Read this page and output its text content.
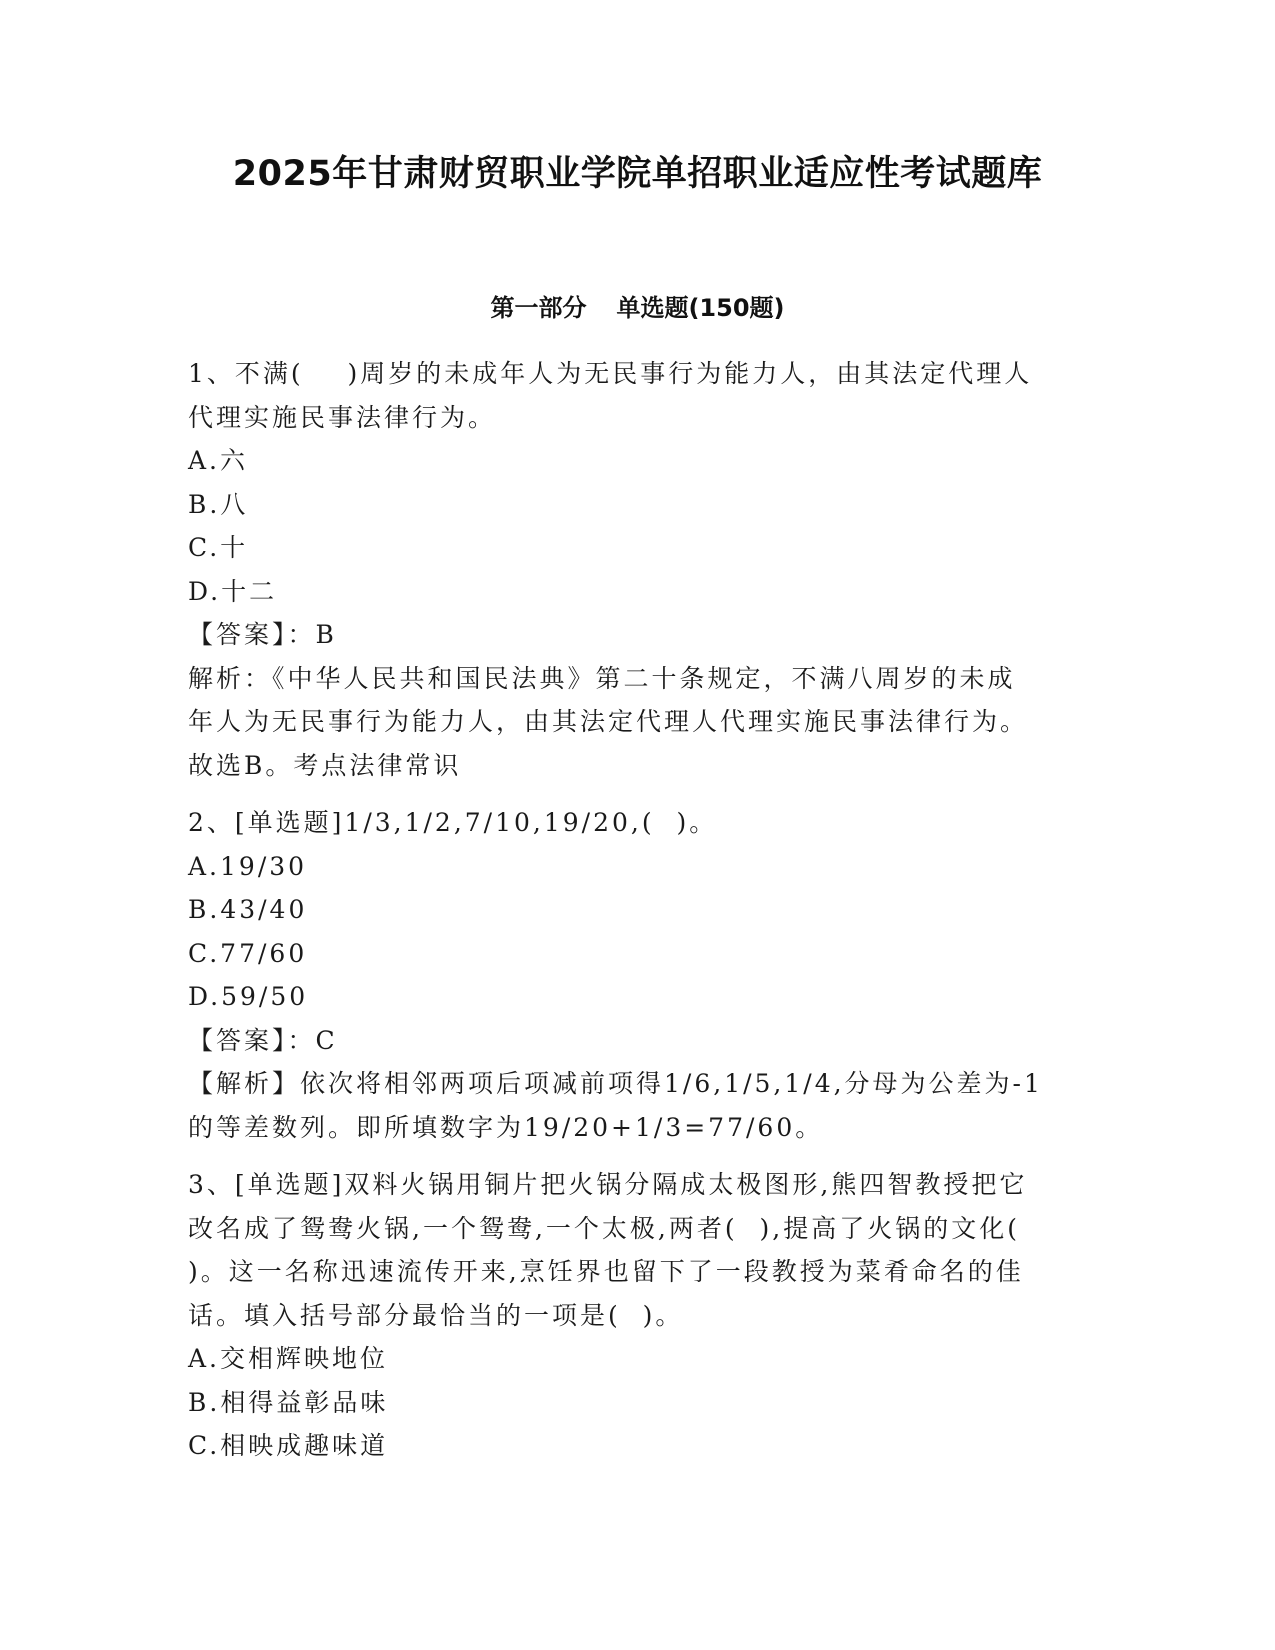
2025年甘肃财贸职业学院单招职业适应性考试题库
第一部分 单选题(150题)
1、不满(    )周岁的未成年人为无民事行为能力人，由其法定代理人
代理实施民事法律行为。
A.六
B.八
C.十
D.十二
【答案】：B
解析：《中华人民共和国民法典》第二十条规定，不满八周岁的未成
年人为无民事行为能力人，由其法定代理人代理实施民事法律行为。
故选B。考点法律常识
2、[单选题]1/3,1/2,7/10,19/20,(  )。
A.19/30
B.43/40
C.77/60
D.59/50
【答案】：C
【解析】依次将相邻两项后项减前项得1/6,1/5,1/4,分母为公差为-1
的等差数列。即所填数字为19/20+1/3=77/60。
3、[单选题]双料火锅用铜片把火锅分隔成太极图形,熊四智教授把它
改名成了鸳鸯火锅,一个鸳鸯,一个太极,两者(  ),提高了火锅的文化(
)。这一名称迅速流传开来,烹饪界也留下了一段教授为菜肴命名的佳
话。填入括号部分最恰当的一项是(  )。
A.交相辉映地位
B.相得益彰品味
C.相映成趣味道
